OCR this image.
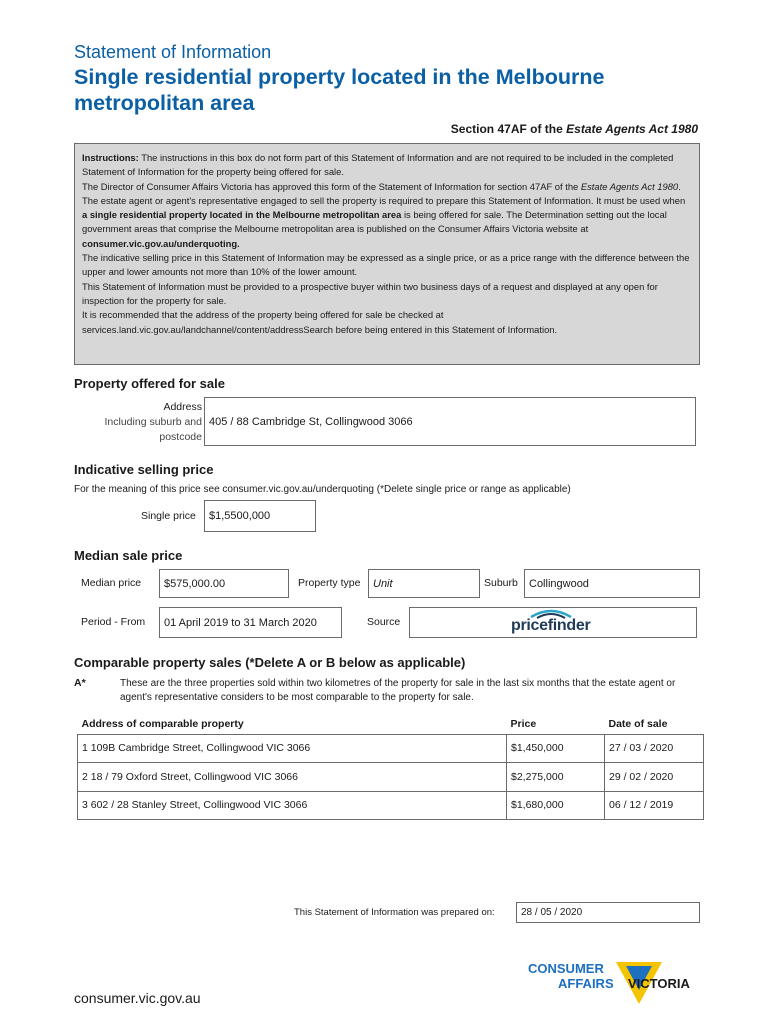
Statement of Information
Single residential property located in the Melbourne metropolitan area
Section 47AF of the Estate Agents Act 1980

Instructions: The instructions in this box do not form part of this Statement of Information and are not required to be included in the completed Statement of Information for the property being offered for sale.

The Director of Consumer Affairs Victoria has approved this form of the Statement of Information for section 47AF of the Estate Agents Act 1980.

The estate agent or agent's representative engaged to sell the property is required to prepare this Statement of Information. It must be used when a single residential property located in the Melbourne metropolitan area is being offered for sale. The Determination setting out the local government areas that comprise the Melbourne metropolitan area is published on the Consumer Affairs Victoria website at consumer.vic.gov.au/underquoting.

The indicative selling price in this Statement of Information may be expressed as a single price, or as a price range with the difference between the upper and lower amounts not more than 10% of the lower amount.

This Statement of Information must be provided to a prospective buyer within two business days of a request and displayed at any open for inspection for the property for sale.

It is recommended that the address of the property being offered for sale be checked at services.land.vic.gov.au/landchannel/content/addressSearch before being entered in this Statement of Information.

Property offered for sale
Address
Including suburb and
postcode
405 / 88 Cambridge St, Collingwood 3066
Indicative selling price
For the meaning of this price see consumer.vic.gov.au/underquoting (*Delete single price or range as applicable)
Single price $1,5500,000
Median sale price
Median price $575,000.00	Property type Unit	Suburb Collingwood
Period - From 01 April 2019 to 31 March 2020	Source	pricefinder
Comparable property sales (*Delete A or B below as applicable)
A*	These are the three properties sold within two kilometres of the property for sale in the last six months that the estate agent or agent's representative considers to be most comparable to the property for sale.
Address of comparable property	Price	Date of sale
1 109B Cambridge Street, Collingwood VIC 3066	$1,450,000	27 / 03 / 2020
2 18 / 79 Oxford Street, Collingwood VIC 3066	$2,275,000	29 / 02 / 2020
3 602 / 28 Stanley Street, Collingwood VIC 3066	$1,680,000	06 / 12 / 2019
This Statement of Information was prepared on:	28 / 05 / 2020
CONSUMER
AFFAIRS VICTORIA
consumer.vic.gov.au
